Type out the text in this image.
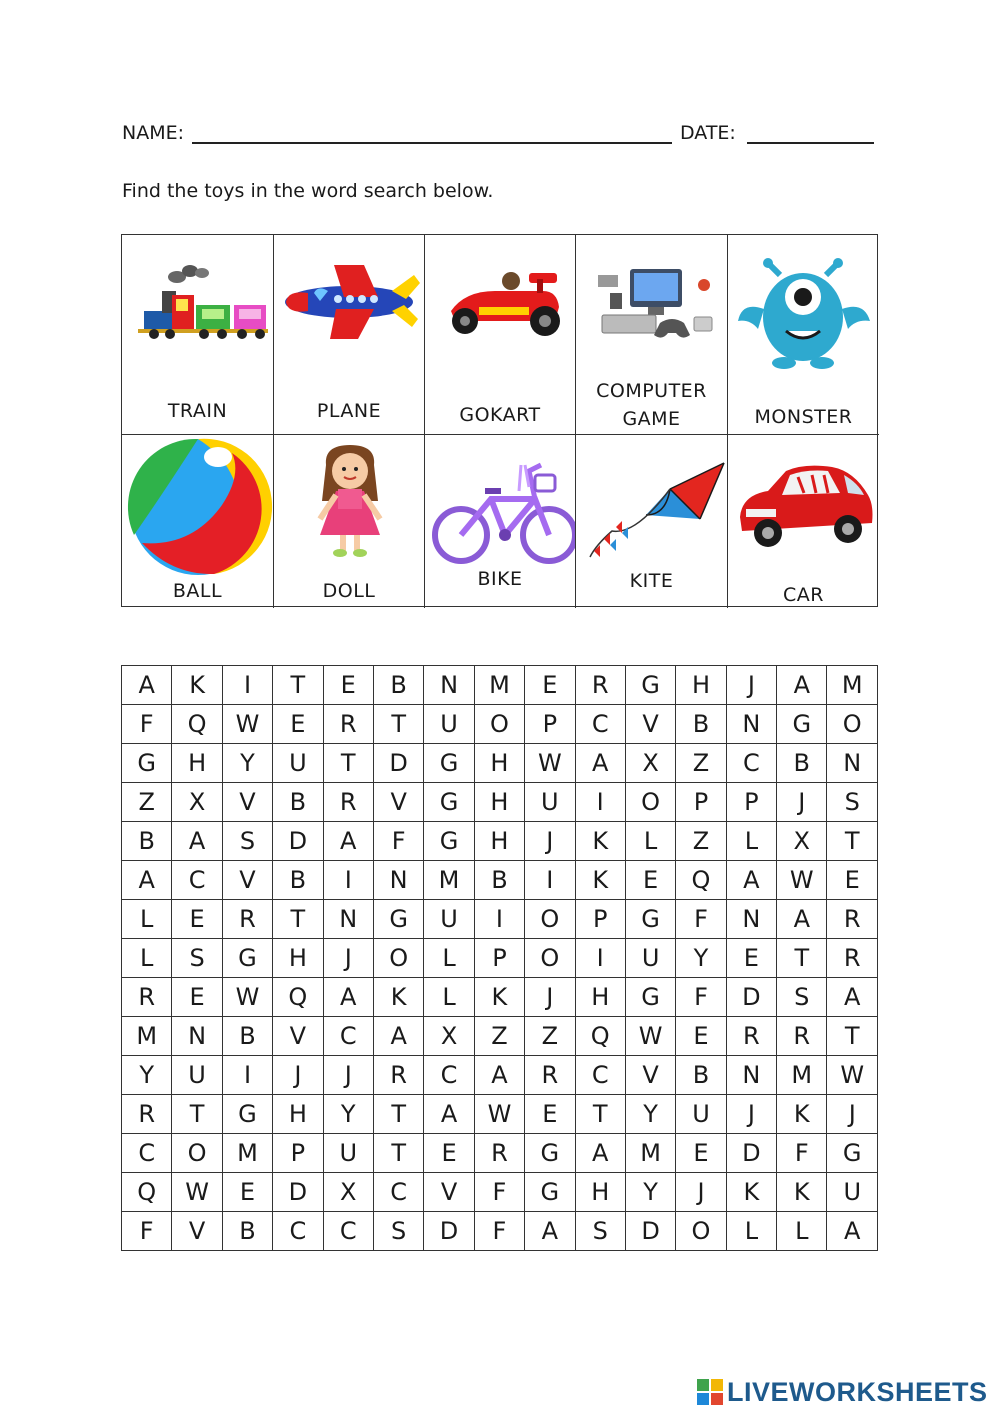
NAME:	DATE:
Find the toys in the word search below.
TRAIN	PLANE	GOKART
COMPUTER
GAME	MONSTER
BALL	DOLL
BIKE	KITE
CAR
A	K	I	T	E	B	N	M	E	R	G	H	J	A	M
F	Q	W	E	R	T	U	O	P	C	V	B	N	G	O
G	H	Y	U	T	D	G	H	W	A	X	Z	C	B	N
Z	X	V	B	R	V	G	H	U	I	O	P	P	J	S
B	A	S	D	A	F	G	H	J	K	L	Z	L	X	T
A	C	V	B	I	N	M	B	I	K	E	Q	A	W	E
L	E	R	T	N	G	U	I	O	P	G	F	N	A	R
L	S	G	H	J	O	L	P	O	I	U	Y	E	T	R
R	E	W	Q	A	K	L	K	J	H	G	F	D	S	A
M	N	B	V	C	A	X	Z	Z	Q	W	E	R	R	T
Y	U	I	J	J	R	C	A	R	C	V	B	N	M	W
R	T	G	H	Y	T	A	W	E	T	Y	U	J	K	J
C	O	M	P	U	T	E	R	G	A	M	E	D	F	G
Q	W	E	D	X	C	V	F	G	H	Y	J	K	K	U
F	V	B	C	C	S	D	F	A	S	D	O	L	L	A
LIVEWORKSHEETS
